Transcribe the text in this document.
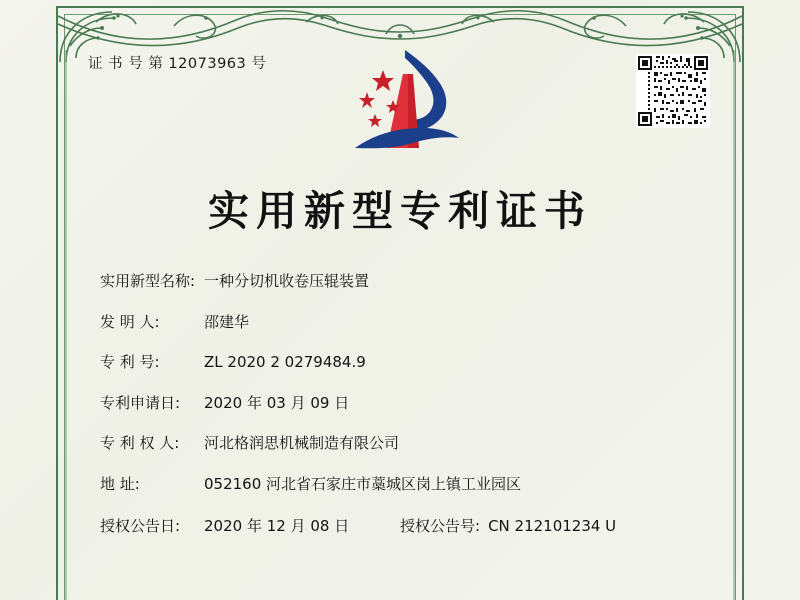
证 书 号 第 12073963 号
实用新型专利证书
实用新型名称: 一种分切机收卷压辊装置
发 明 人:	邵建华
专 利 号:	ZL 2020 2 0279484.9
专利申请日:	2020 年 03 月 09 日
专 利 权 人:	河北格润思机械制造有限公司
地 址:	052160 河北省石家庄市藁城区岗上镇工业园区
授权公告日:	2020 年 12 月 08 日	授权公告号: CN 212101234 U
